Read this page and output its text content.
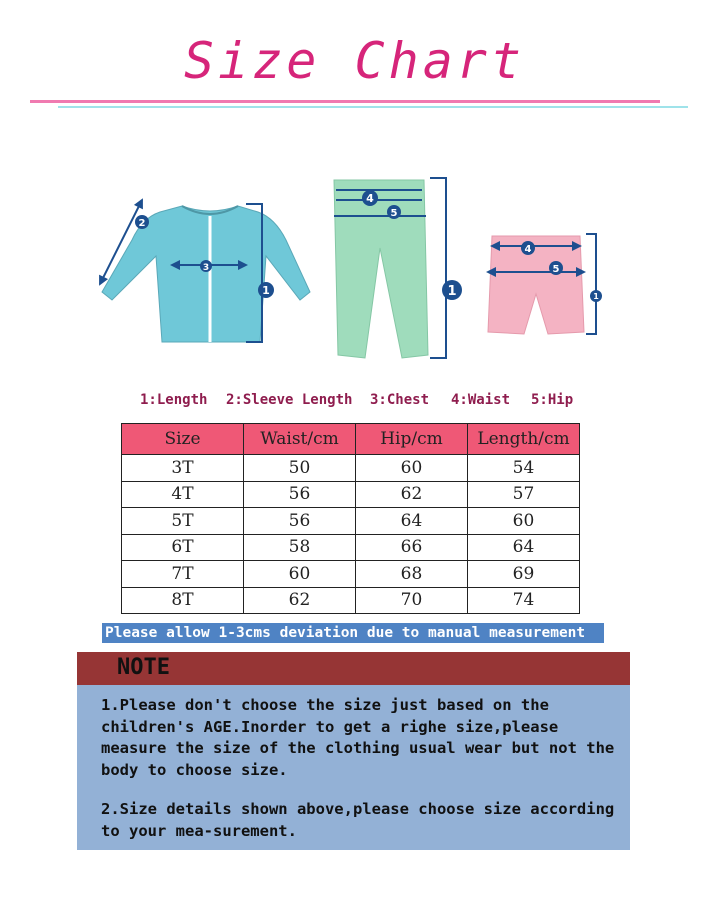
Size Chart
2
3
1
4
5
1
4
5
1
1:Length 2:Sleeve Length 3:Chest 4:Waist 5:Hip
Size	Waist/cm	Hip/cm	Length/cm
3T	50	60	54
4T	56	62	57
5T	56	64	60
6T	58	66	64
7T	60	68	69
8T	62	70	74
Please allow 1-3cms deviation due to manual measurement
NOTE

1.Please don't choose the size just based on the children's AGE.Inorder to get a righe size,please measure the size of the clothing usual wear but not the body to choose size.

2.Size details shown above,please choose size according to your mea-surement.
